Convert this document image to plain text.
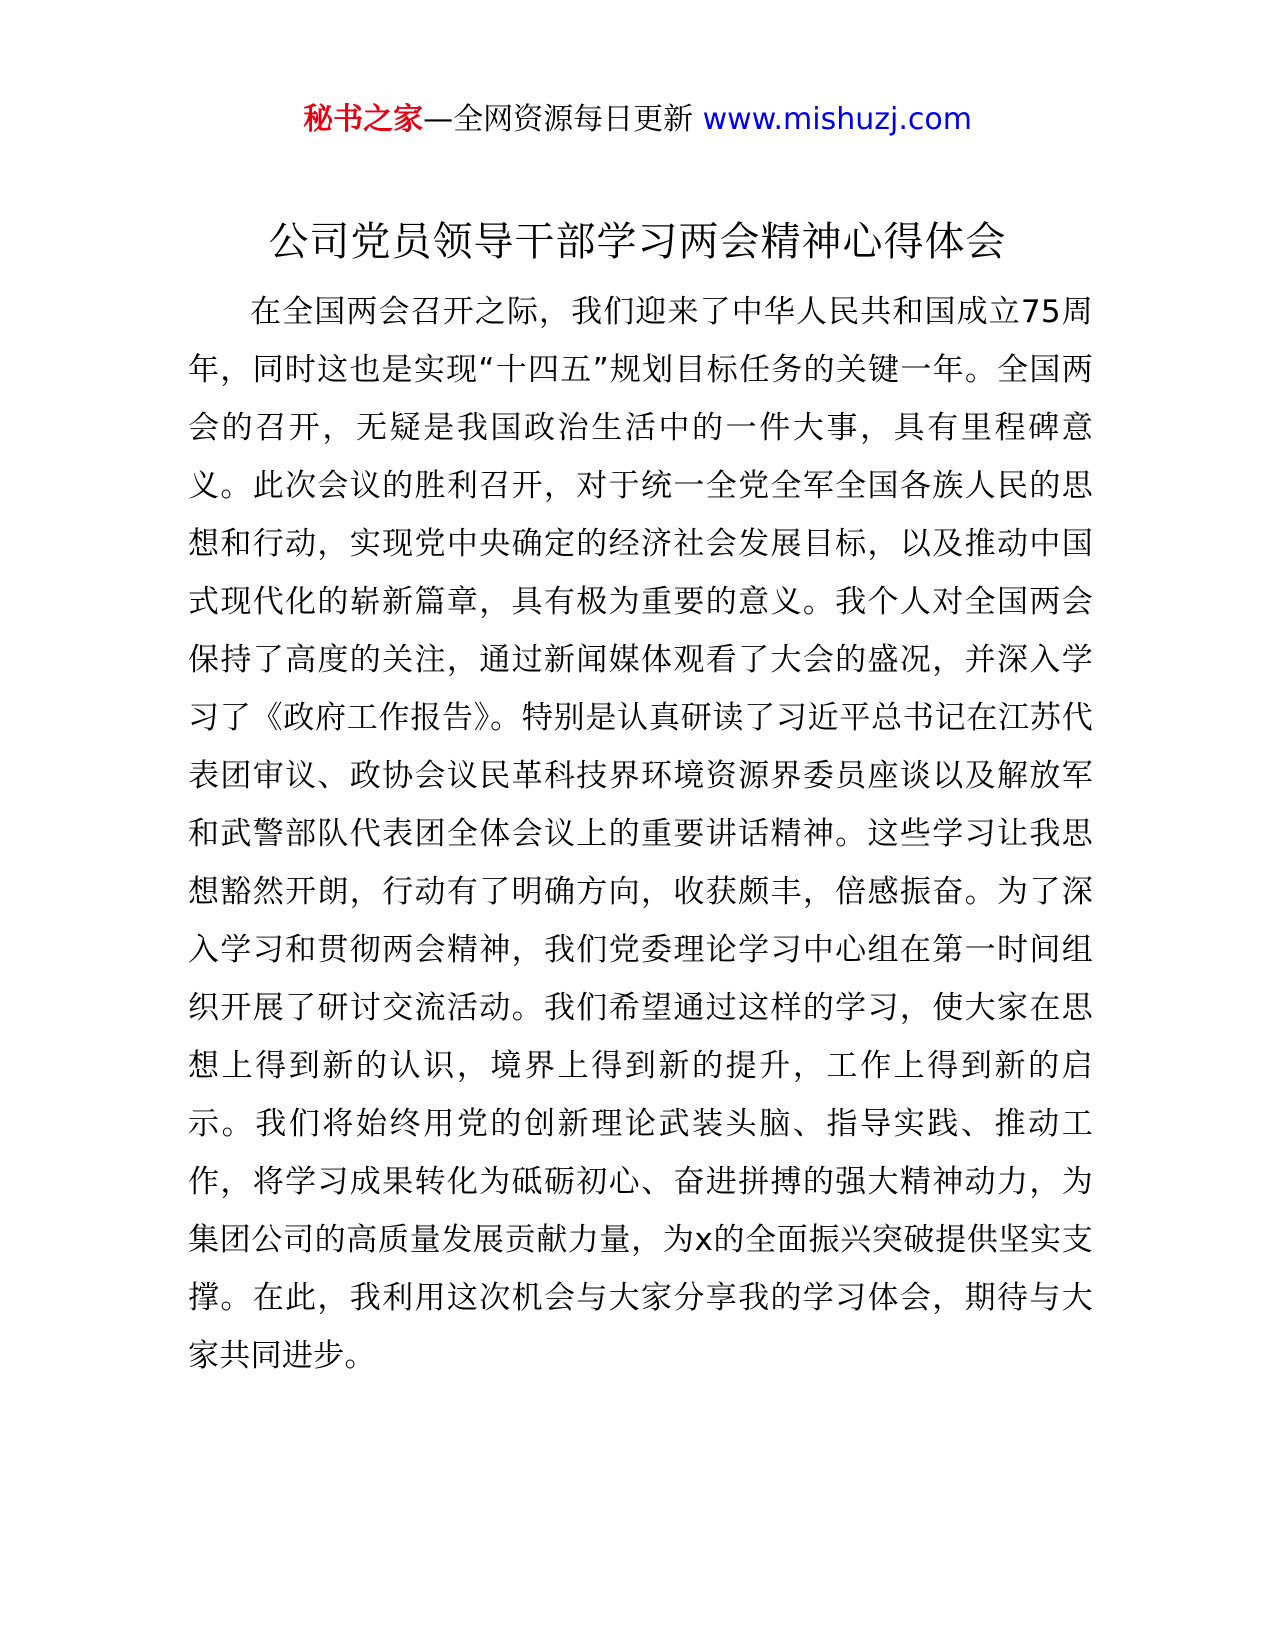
秘书之家—全网资源每日更新 www.mishuzj.com
公司党员领导干部学习两会精神心得体会

在全国两会召开之际，我们迎来了中华人民共和国成立75周年，同时这也是实现“十四五”规划目标任务的关键一年。全国两会的召开，无疑是我国政治生活中的一件大事，具有里程碑意义。此次会议的胜利召开，对于统一全党全军全国各族人民的思想和行动，实现党中央确定的经济社会发展目标，以及推动中国式现代化的崭新篇章，具有极为重要的意义。我个人对全国两会保持了高度的关注，通过新闻媒体观看了大会的盛况，并深入学习了《政府工作报告》。特别是认真研读了习近平总书记在江苏代表团审议、政协会议民革科技界环境资源界委员座谈以及解放军和武警部队代表团全体会议上的重要讲话精神。这些学习让我思想豁然开朗，行动有了明确方向，收获颇丰，倍感振奋。为了深入学习和贯彻两会精神，我们党委理论学习中心组在第一时间组织开展了研讨交流活动。我们希望通过这样的学习，使大家在思想上得到新的认识，境界上得到新的提升，工作上得到新的启示。我们将始终用党的创新理论武装头脑、指导实践、推动工作，将学习成果转化为砥砺初心、奋进拼搏的强大精神动力，为集团公司的高质量发展贡献力量，为x的全面振兴突破提供坚实支撑。在此，我利用这次机会与大家分享我的学习体会，期待与大家共同进步。
